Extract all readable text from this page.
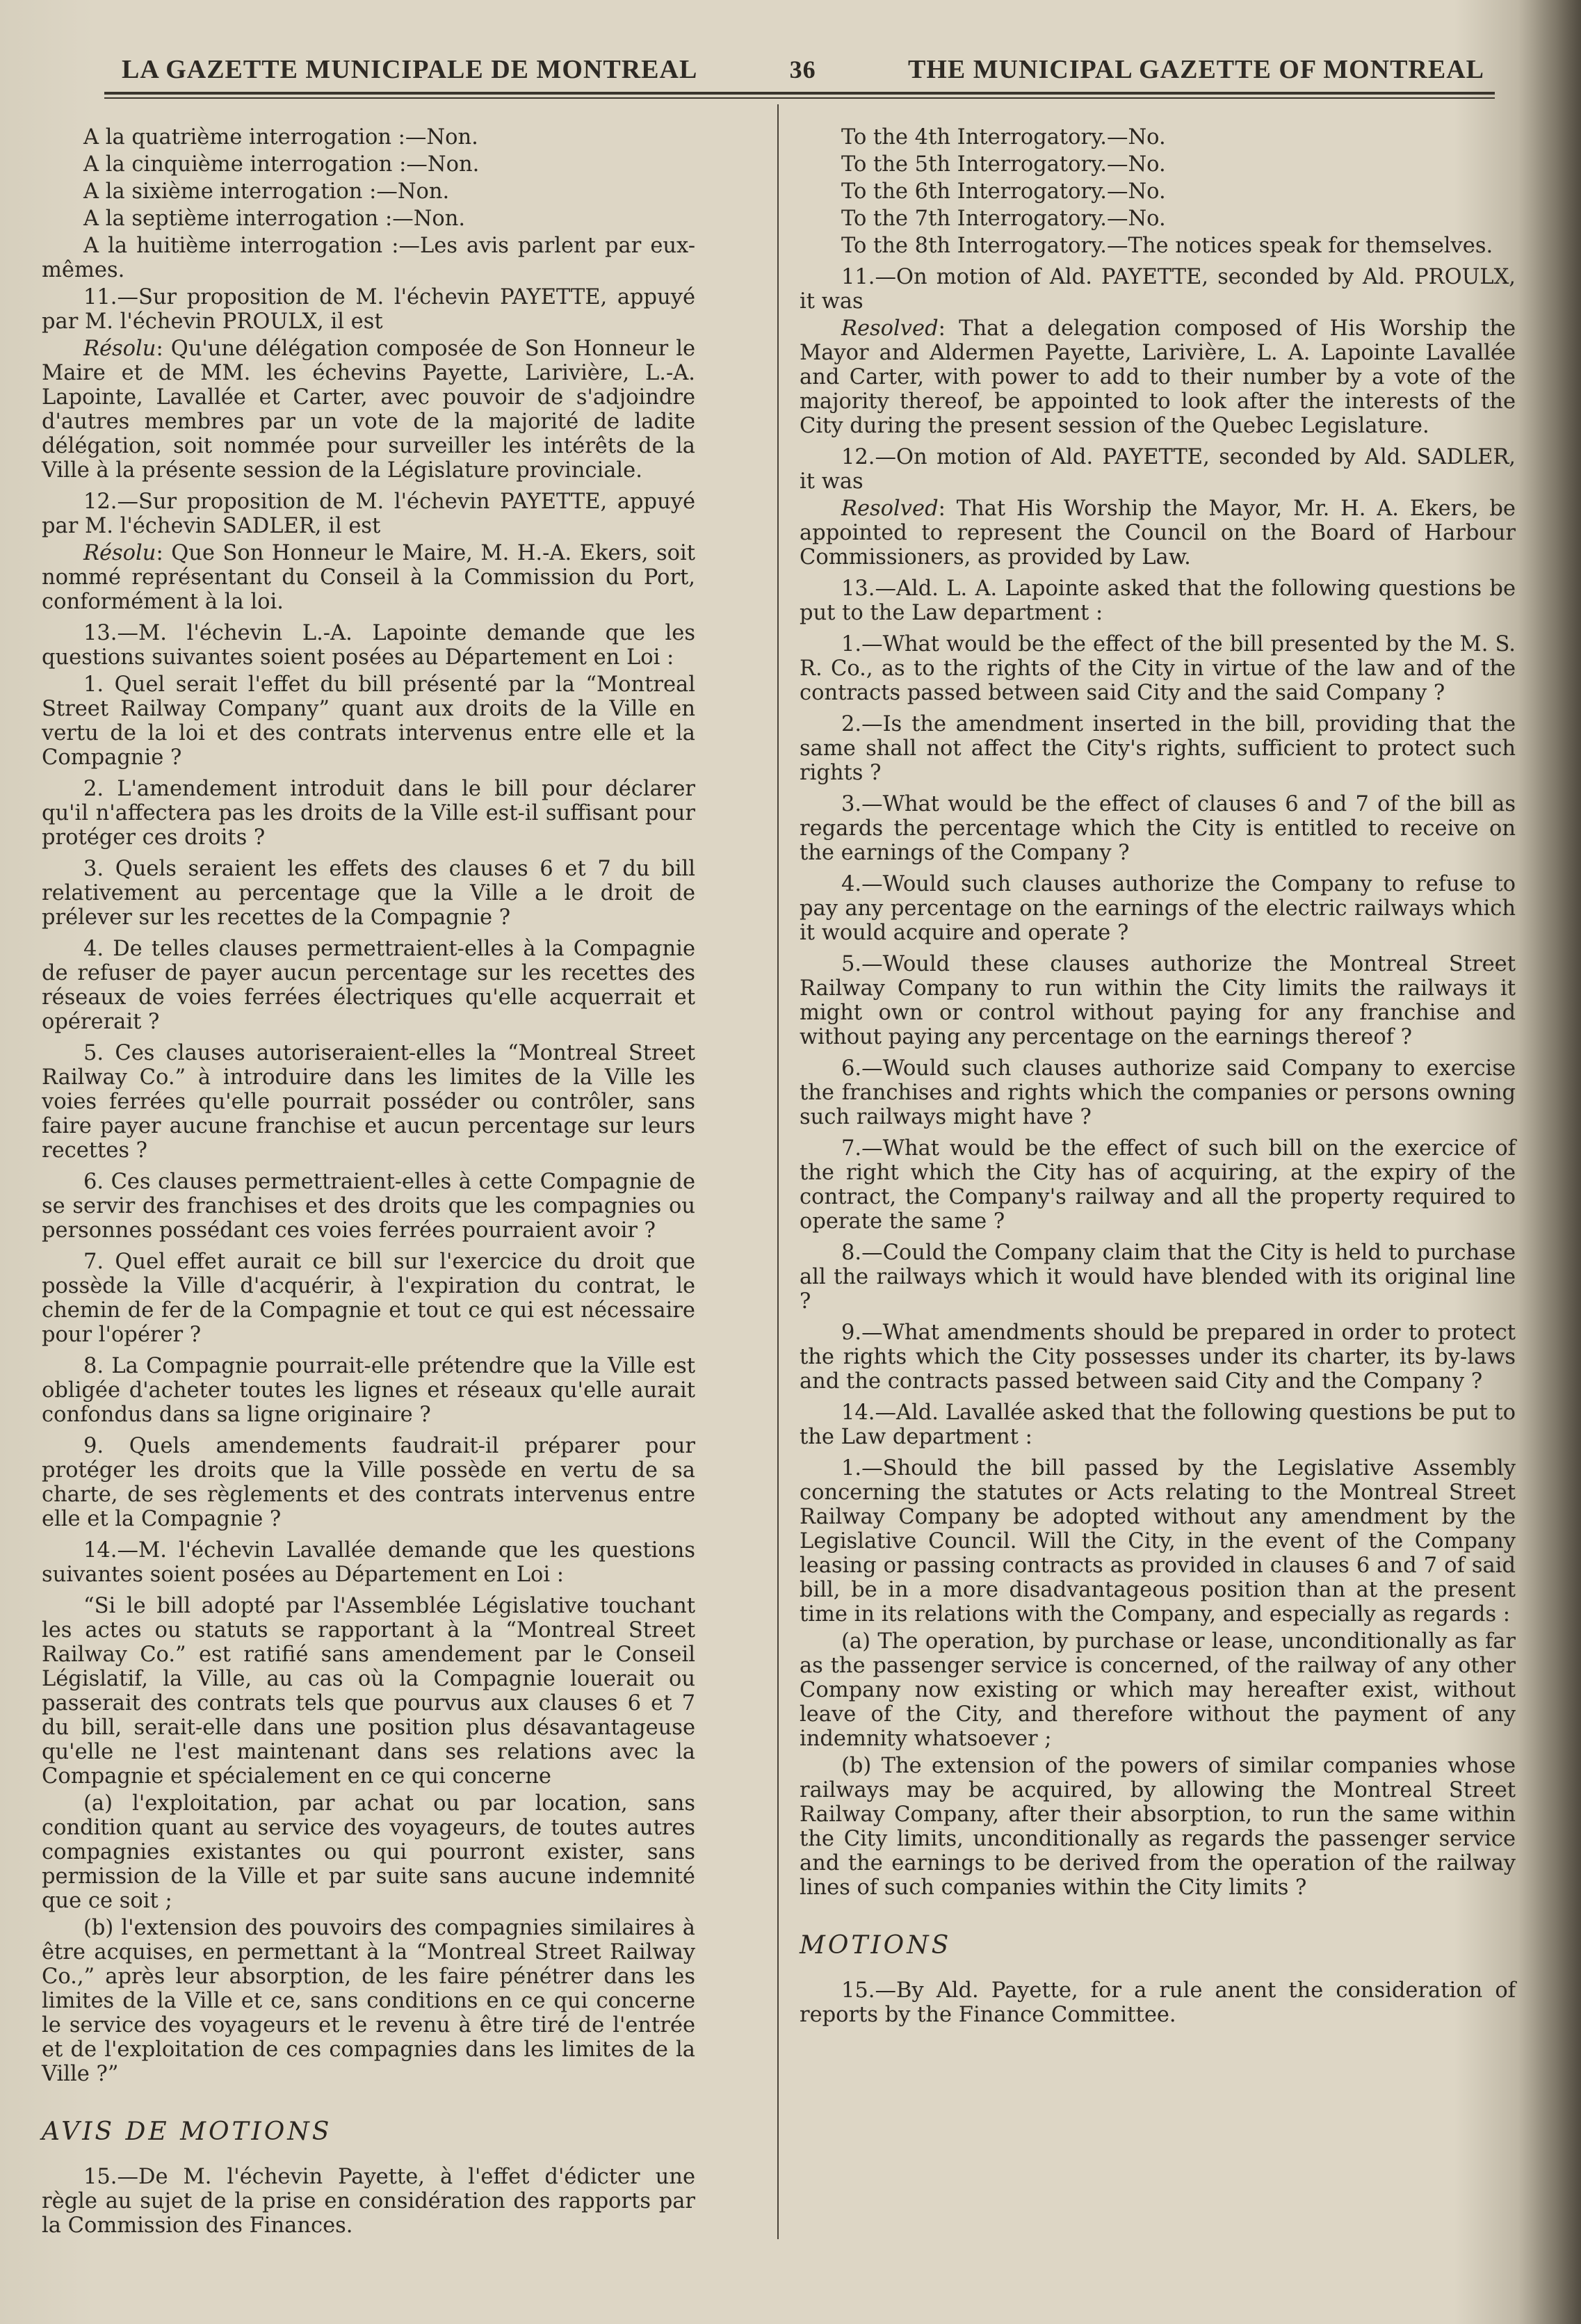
LA GAZETTE MUNICIPALE DE MONTREAL	36	THE MUNICIPAL GAZETTE OF MONTREAL

A la quatrième interrogation :—Non.

A la cinquième interrogation :—Non.

A la sixième interrogation :—Non.

A la septième interrogation :—Non.

A la huitième interrogation :—Les avis parlent par eux-mêmes.

11.—Sur proposition de M. l'échevin PAYETTE, appuyé par M. l'échevin PROULX, il est

Résolu: Qu'une délégation composée de Son Honneur le Maire et de MM. les échevins Payette, Larivière, L.-A. Lapointe, Lavallée et Carter, avec pouvoir de s'adjoindre d'autres membres par un vote de la majorité de ladite délégation, soit nommée pour surveiller les intérêts de la Ville à la présente session de la Législature provinciale.

12.—Sur proposition de M. l'échevin PAYETTE, appuyé par M. l'échevin SADLER, il est

Résolu: Que Son Honneur le Maire, M. H.-A. Ekers, soit nommé représentant du Conseil à la Commission du Port, conformément à la loi.

13.—M. l'échevin L.-A. Lapointe demande que les questions suivantes soient posées au Département en Loi :

1. Quel serait l'effet du bill présenté par la “Montreal Street Railway Company” quant aux droits de la Ville en vertu de la loi et des contrats intervenus entre elle et la Compagnie ?

2. L'amendement introduit dans le bill pour déclarer qu'il n'affectera pas les droits de la Ville est-il suffisant pour protéger ces droits ?

3. Quels seraient les effets des clauses 6 et 7 du bill relativement au percentage que la Ville a le droit de prélever sur les recettes de la Compagnie ?

4. De telles clauses permettraient-elles à la Compagnie de refuser de payer aucun percentage sur les recettes des réseaux de voies ferrées électriques qu'elle acquerrait et opérerait ?

5. Ces clauses autoriseraient-elles la “Montreal Street Railway Co.” à introduire dans les limites de la Ville les voies ferrées qu'elle pourrait posséder ou contrôler, sans faire payer aucune franchise et aucun percentage sur leurs recettes ?

6. Ces clauses permettraient-elles à cette Compagnie de se servir des franchises et des droits que les compagnies ou personnes possédant ces voies ferrées pourraient avoir ?

7. Quel effet aurait ce bill sur l'exercice du droit que possède la Ville d'acquérir, à l'expiration du contrat, le chemin de fer de la Compagnie et tout ce qui est nécessaire pour l'opérer ?

8. La Compagnie pourrait-elle prétendre que la Ville est obligée d'acheter toutes les lignes et réseaux qu'elle aurait confondus dans sa ligne originaire ?

9. Quels amendements faudrait-il préparer pour protéger les droits que la Ville possède en vertu de sa charte, de ses règlements et des contrats intervenus entre elle et la Compagnie ?

14.—M. l'échevin Lavallée demande que les questions suivantes soient posées au Département en Loi :

“Si le bill adopté par l'Assemblée Législative touchant les actes ou statuts se rapportant à la “Montreal Street Railway Co.” est ratifié sans amendement par le Conseil Législatif, la Ville, au cas où la Compagnie louerait ou passerait des contrats tels que pourvus aux clauses 6 et 7 du bill, serait-elle dans une position plus désavantageuse qu'elle ne l'est maintenant dans ses relations avec la Compagnie et spécialement en ce qui concerne

(a) l'exploitation, par achat ou par location, sans condition quant au service des voyageurs, de toutes autres compagnies existantes ou qui pourront exister, sans permission de la Ville et par suite sans aucune indemnité que ce soit ;

(b) l'extension des pouvoirs des compagnies similaires à être acquises, en permettant à la “Montreal Street Railway Co.,” après leur absorption, de les faire pénétrer dans les limites de la Ville et ce, sans conditions en ce qui concerne le service des voyageurs et le revenu à être tiré de l'entrée et de l'exploitation de ces compagnies dans les limites de la Ville ?”

AVIS DE MOTIONS

15.—De M. l'échevin Payette, à l'effet d'édicter une règle au sujet de la prise en considération des rapports par la Commission des Finances.

To the 4th Interrogatory.—No.

To the 5th Interrogatory.—No.

To the 6th Interrogatory.—No.

To the 7th Interrogatory.—No.

To the 8th Interrogatory.—The notices speak for themselves.

11.—On motion of Ald. PAYETTE, seconded by Ald. PROULX, it was

Resolved: That a delegation composed of His Worship the Mayor and Aldermen Payette, Larivière, L. A. Lapointe Lavallée and Carter, with power to add to their number by a vote of the majority thereof, be appointed to look after the interests of the City during the present session of the Quebec Legislature.

12.—On motion of Ald. PAYETTE, seconded by Ald. SADLER, it was

Resolved: That His Worship the Mayor, Mr. H. A. Ekers, be appointed to represent the Council on the Board of Harbour Commissioners, as provided by Law.

13.—Ald. L. A. Lapointe asked that the following questions be put to the Law department :

1.—What would be the effect of the bill presented by the M. S. R. Co., as to the rights of the City in virtue of the law and of the contracts passed between said City and the said Company ?

2.—Is the amendment inserted in the bill, providing that the same shall not affect the City's rights, sufficient to protect such rights ?

3.—What would be the effect of clauses 6 and 7 of the bill as regards the percentage which the City is entitled to receive on the earnings of the Company ?

4.—Would such clauses authorize the Company to refuse to pay any percentage on the earnings of the electric railways which it would acquire and operate ?

5.—Would these clauses authorize the Montreal Street Railway Company to run within the City limits the railways it might own or control without paying for any franchise and without paying any percentage on the earnings thereof ?

6.—Would such clauses authorize said Company to exercise the franchises and rights which the companies or persons owning such railways might have ?

7.—What would be the effect of such bill on the exercice of the right which the City has of acquiring, at the expiry of the contract, the Company's railway and all the property required to operate the same ?

8.—Could the Company claim that the City is held to purchase all the railways which it would have blended with its original line ?

9.—What amendments should be prepared in order to protect the rights which the City possesses under its charter, its by-laws and the contracts passed between said City and the Company ?

14.—Ald. Lavallée asked that the following questions be put to the Law department :

1.—Should the bill passed by the Legislative Assembly concerning the statutes or Acts relating to the Montreal Street Railway Company be adopted without any amendment by the Legislative Council. Will the City, in the event of the Company leasing or passing contracts as provided in clauses 6 and 7 of said bill, be in a more disadvantageous position than at the present time in its relations with the Company, and especially as regards :

(a) The operation, by purchase or lease, unconditionally as far as the passenger service is concerned, of the railway of any other Company now existing or which may hereafter exist, without leave of the City, and therefore without the payment of any indemnity whatsoever ;

(b) The extension of the powers of similar companies whose railways may be acquired, by allowing the Montreal Street Railway Company, after their absorption, to run the same within the City limits, unconditionally as regards the passenger service and the earnings to be derived from the operation of the railway lines of such companies within the City limits ?

MOTIONS

15.—By Ald. Payette, for a rule anent the consideration of reports by the Finance Committee.
